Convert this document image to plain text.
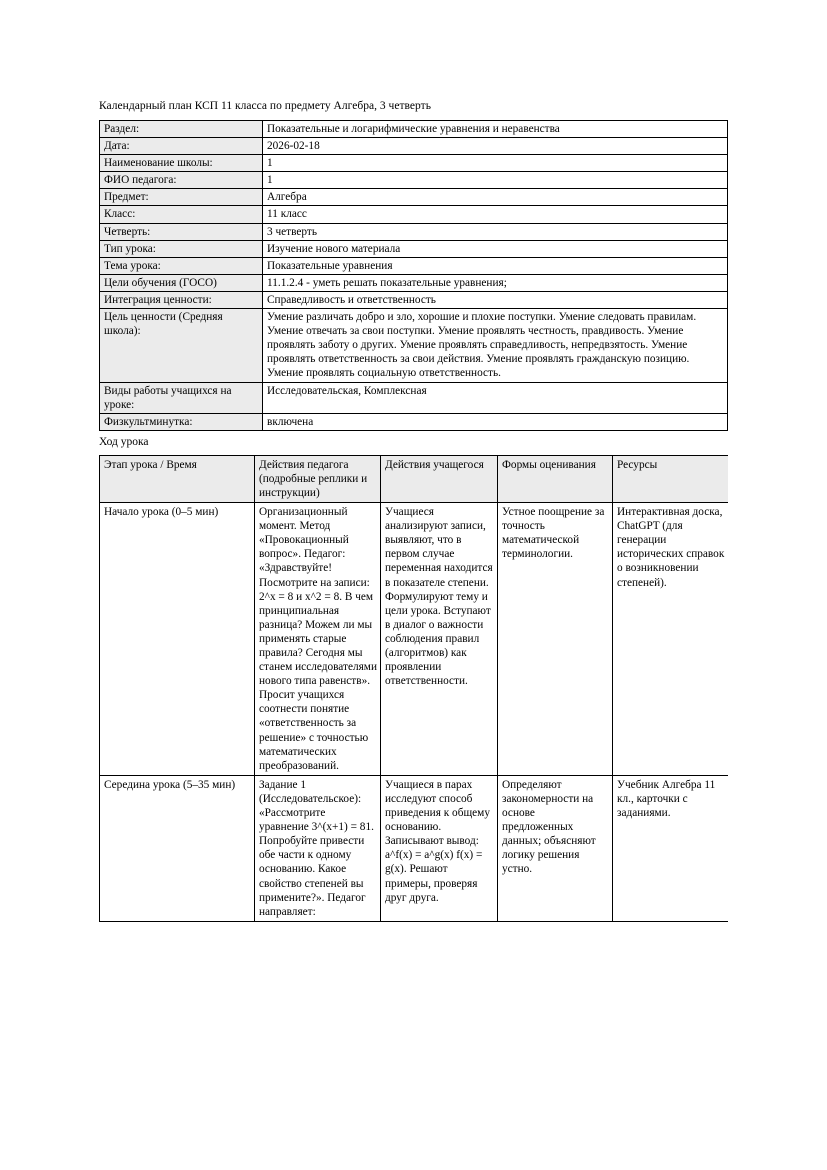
Календарный план КСП 11 класса по предмету Алгебра, 3 четверть
Раздел:	Показательные и логарифмические уравнения и неравенства
Дата:	2026-02-18
Наименование школы:	1
ФИО педагога:	1
Предмет:	Алгебра
Класс:	11 класс
Четверть:	3 четверть
Тип урока:	Изучение нового материала
Тема урока:	Показательные уравнения
Цели обучения (ГОСО)	11.1.2.4 - уметь решать показательные уравнения;
Интеграция ценности:	Справедливость и ответственность
Цель ценности (Средняя школа):	Умение различать добро и зло, хорошие и плохие поступки. Умение следовать правилам. Умение отвечать за свои поступки. Умение проявлять честность, правдивость. Умение проявлять заботу о других. Умение проявлять справедливость, непредвзятость. Умение проявлять ответственность за свои действия. Умение проявлять гражданскую позицию. Умение проявлять социальную ответственность.
Виды работы учащихся на уроке:	Исследовательская, Комплексная
Физкультминутка:	включена
Ход урока
Этап урока / Время	Действия педагога (подробные реплики и инструкции)	Действия учащегося	Формы оценивания	Ресурсы
Начало урока (0–5 мин)	Организационный момент. Метод «Провокационный вопрос». Педагог: «Здравствуйте! Посмотрите на записи: 2^x = 8 и x^2 = 8. В чем принципиальная разница? Можем ли мы применять старые правила? Сегодня мы станем исследователями нового типа равенств». Просит учащихся соотнести понятие «ответственность за решение» с точностью математических преобразований.	Учащиеся анализируют записи, выявляют, что в первом случае переменная находится в показателе степени. Формулируют тему и цели урока. Вступают в диалог о важности соблюдения правил (алгоритмов) как проявлении ответственности.	Устное поощрение за точность математической терминологии.	Интерактивная доска, ChatGPT (для генерации исторических справок о возникновении степеней).
Середина урока (5–35 мин)	Задание 1 (Исследовательское): «Рассмотрите уравнение 3^(x+1) = 81. Попробуйте привести обе части к одному основанию. Какое свойство степеней вы примените?». Педагог направляет:	Учащиеся в парах исследуют способ приведения к общему основанию. Записывают вывод: a^f(x) = a^g(x) f(x) = g(x). Решают примеры, проверяя друг друга.	Определяют закономерности на основе предложенных данных; объясняют логику решения устно.	Учебник Алгебра 11 кл., карточки с заданиями.
